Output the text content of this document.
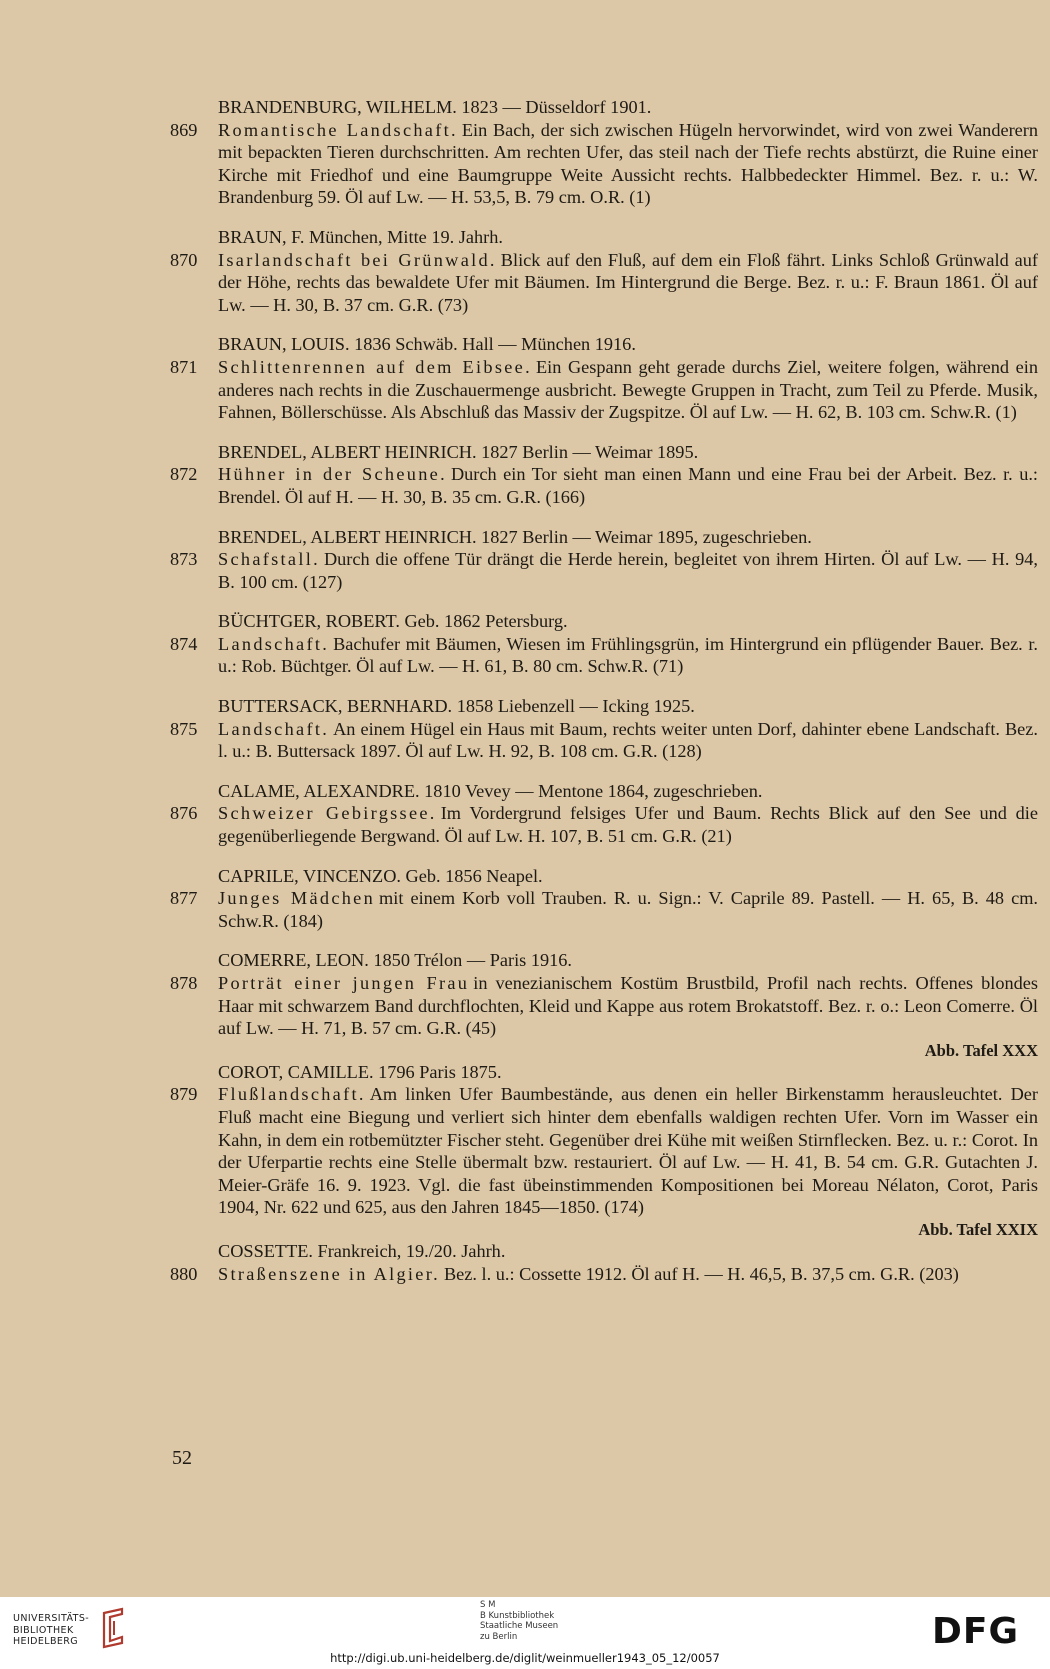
BRANDENBURG, WILHELM. 1823 — Düsseldorf 1901.

869	Romantische Landschaft. Ein Bach, der sich zwischen Hügeln hervorwindet, wird von zwei Wanderern mit bepackten Tieren durchschritten. Am rechten Ufer, das steil nach der Tiefe rechts abstürzt, die Ruine einer Kirche mit Friedhof und eine Baumgruppe Weite Aussicht rechts. Halbbedeckter Himmel. Bez. r. u.: W. Brandenburg 59. Öl auf Lw. — H. 53,5, B. 79 cm. O.R. (1)

BRAUN, F. München, Mitte 19. Jahrh.

870	Isarlandschaft bei Grünwald. Blick auf den Fluß, auf dem ein Floß fährt. Links Schloß Grünwald auf der Höhe, rechts das bewaldete Ufer mit Bäumen. Im Hintergrund die Berge. Bez. r. u.: F. Braun 1861. Öl auf Lw. — H. 30, B. 37 cm. G.R. (73)

BRAUN, LOUIS. 1836 Schwäb. Hall — München 1916.

871	Schlittenrennen auf dem Eibsee. Ein Gespann geht gerade durchs Ziel, weitere folgen, während ein anderes nach rechts in die Zuschauermenge ausbricht. Bewegte Gruppen in Tracht, zum Teil zu Pferde. Musik, Fahnen, Böllerschüsse. Als Abschluß das Massiv der Zugspitze. Öl auf Lw. — H. 62, B. 103 cm. Schw.R. (1)

BRENDEL, ALBERT HEINRICH. 1827 Berlin — Weimar 1895.

872	Hühner in der Scheune. Durch ein Tor sieht man einen Mann und eine Frau bei der Arbeit. Bez. r. u.: Brendel. Öl auf H. — H. 30, B. 35 cm. G.R. (166)

BRENDEL, ALBERT HEINRICH. 1827 Berlin — Weimar 1895, zugeschrieben.

873	Schafstall. Durch die offene Tür drängt die Herde herein, begleitet von ihrem Hirten. Öl auf Lw. — H. 94, B. 100 cm. (127)

BÜCHTGER, ROBERT. Geb. 1862 Petersburg.

874	Landschaft. Bachufer mit Bäumen, Wiesen im Frühlingsgrün, im Hintergrund ein pflügender Bauer. Bez. r. u.: Rob. Büchtger. Öl auf Lw. — H. 61, B. 80 cm. Schw.R. (71)

BUTTERSACK, BERNHARD. 1858 Liebenzell — Icking 1925.

875	Landschaft. An einem Hügel ein Haus mit Baum, rechts weiter unten Dorf, dahinter ebene Landschaft. Bez. l. u.: B. Buttersack 1897. Öl auf Lw. H. 92, B. 108 cm. G.R. (128)

CALAME, ALEXANDRE. 1810 Vevey — Mentone 1864, zugeschrieben.

876	Schweizer Gebirgssee. Im Vordergrund felsiges Ufer und Baum. Rechts Blick auf den See und die gegenüberliegende Bergwand. Öl auf Lw. H. 107, B. 51 cm. G.R. (21)

CAPRILE, VINCENZO. Geb. 1856 Neapel.

877	Junges Mädchen mit einem Korb voll Trauben. R. u. Sign.: V. Caprile 89. Pastell. — H. 65, B. 48 cm. Schw.R. (184)

COMERRE, LEON. 1850 Trélon — Paris 1916.

878	Porträt einer jungen Frau in venezianischem Kostüm Brustbild, Profil nach rechts. Offenes blondes Haar mit schwarzem Band durchflochten, Kleid und Kappe aus rotem Brokatstoff. Bez. r. o.: Leon Comerre. Öl auf Lw. — H. 71, B. 57 cm. G.R. (45)
Abb. Tafel XXX

COROT, CAMILLE. 1796 Paris 1875.

879	Flußlandschaft. Am linken Ufer Baumbestände, aus denen ein heller Birkenstamm herausleuchtet. Der Fluß macht eine Biegung und verliert sich hinter dem ebenfalls waldigen rechten Ufer. Vorn im Wasser ein Kahn, in dem ein rotbemützter Fischer steht. Gegenüber drei Kühe mit weißen Stirnflecken. Bez. u. r.: Corot. In der Uferpartie rechts eine Stelle übermalt bzw. restauriert. Öl auf Lw. — H. 41, B. 54 cm. G.R. Gutachten J. Meier-Gräfe 16. 9. 1923. Vgl. die fast übeinstimmenden Kompositionen bei Moreau Nélaton, Corot, Paris 1904, Nr. 622 und 625, aus den Jahren 1845—1850. (174)
Abb. Tafel XXIX

COSSETTE. Frankreich, 19./20. Jahrh.

880	Straßenszene in Algier. Bez. l. u.: Cossette 1912. Öl auf H. — H. 46,5, B. 37,5 cm. G.R. (203)
52
UNIVERSITÄTS-
BIBLIOTHEK
HEIDELBERG
S M
B Kunstbibliothek
Staatliche Museen
zu Berlin	DFG
http://digi.ub.uni-heidelberg.de/diglit/weinmueller1943_05_12/0057
